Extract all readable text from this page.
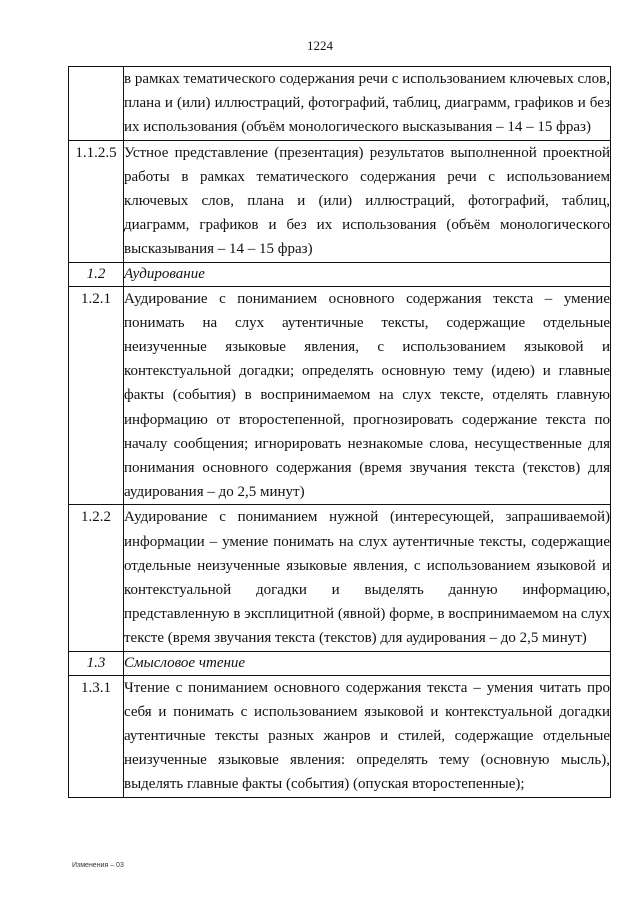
1224
	в рамках тематического содержания речи с использованием ключевых слов, плана и (или) иллюстраций, фотографий, таблиц, диаграмм, графиков и без их использования (объём монологического высказывания – 14 – 15 фраз)
1.1.2.5	Устное представление (презентация) результатов выполненной проектной работы в рамках тематического содержания речи с использованием ключевых слов, плана и (или) иллюстраций, фотографий, таблиц, диаграмм, графиков и без их использования (объём монологического высказывания – 14 – 15 фраз)
1.2	Аудирование
1.2.1	Аудирование с пониманием основного содержания текста – умение понимать на слух аутентичные тексты, содержащие отдельные неизученные языковые явления, с использованием языковой и контекстуальной догадки; определять основную тему (идею) и главные факты (события) в воспринимаемом на слух тексте, отделять главную информацию от второстепенной, прогнозировать содержание текста по началу сообщения; игнорировать незнакомые слова, несущественные для понимания основного содержания (время звучания текста (текстов) для аудирования – до 2,5 минут)
1.2.2	Аудирование с пониманием нужной (интересующей, запрашиваемой) информации – умение понимать на слух аутентичные тексты, содержащие отдельные неизученные языковые явления, с использованием языковой и контекстуальной догадки и выделять данную информацию, представленную в эксплицитной (явной) форме, в воспринимаемом на слух тексте (время звучания текста (текстов) для аудирования – до 2,5 минут)
1.3	Смысловое чтение
1.3.1	Чтение с пониманием основного содержания текста – умения читать про себя и понимать с использованием языковой и контекстуальной догадки аутентичные тексты разных жанров и стилей, содержащие отдельные неизученные языковые явления: определять тему (основную мысль), выделять главные факты (события) (опуская второстепенные);
Изменения – 03
